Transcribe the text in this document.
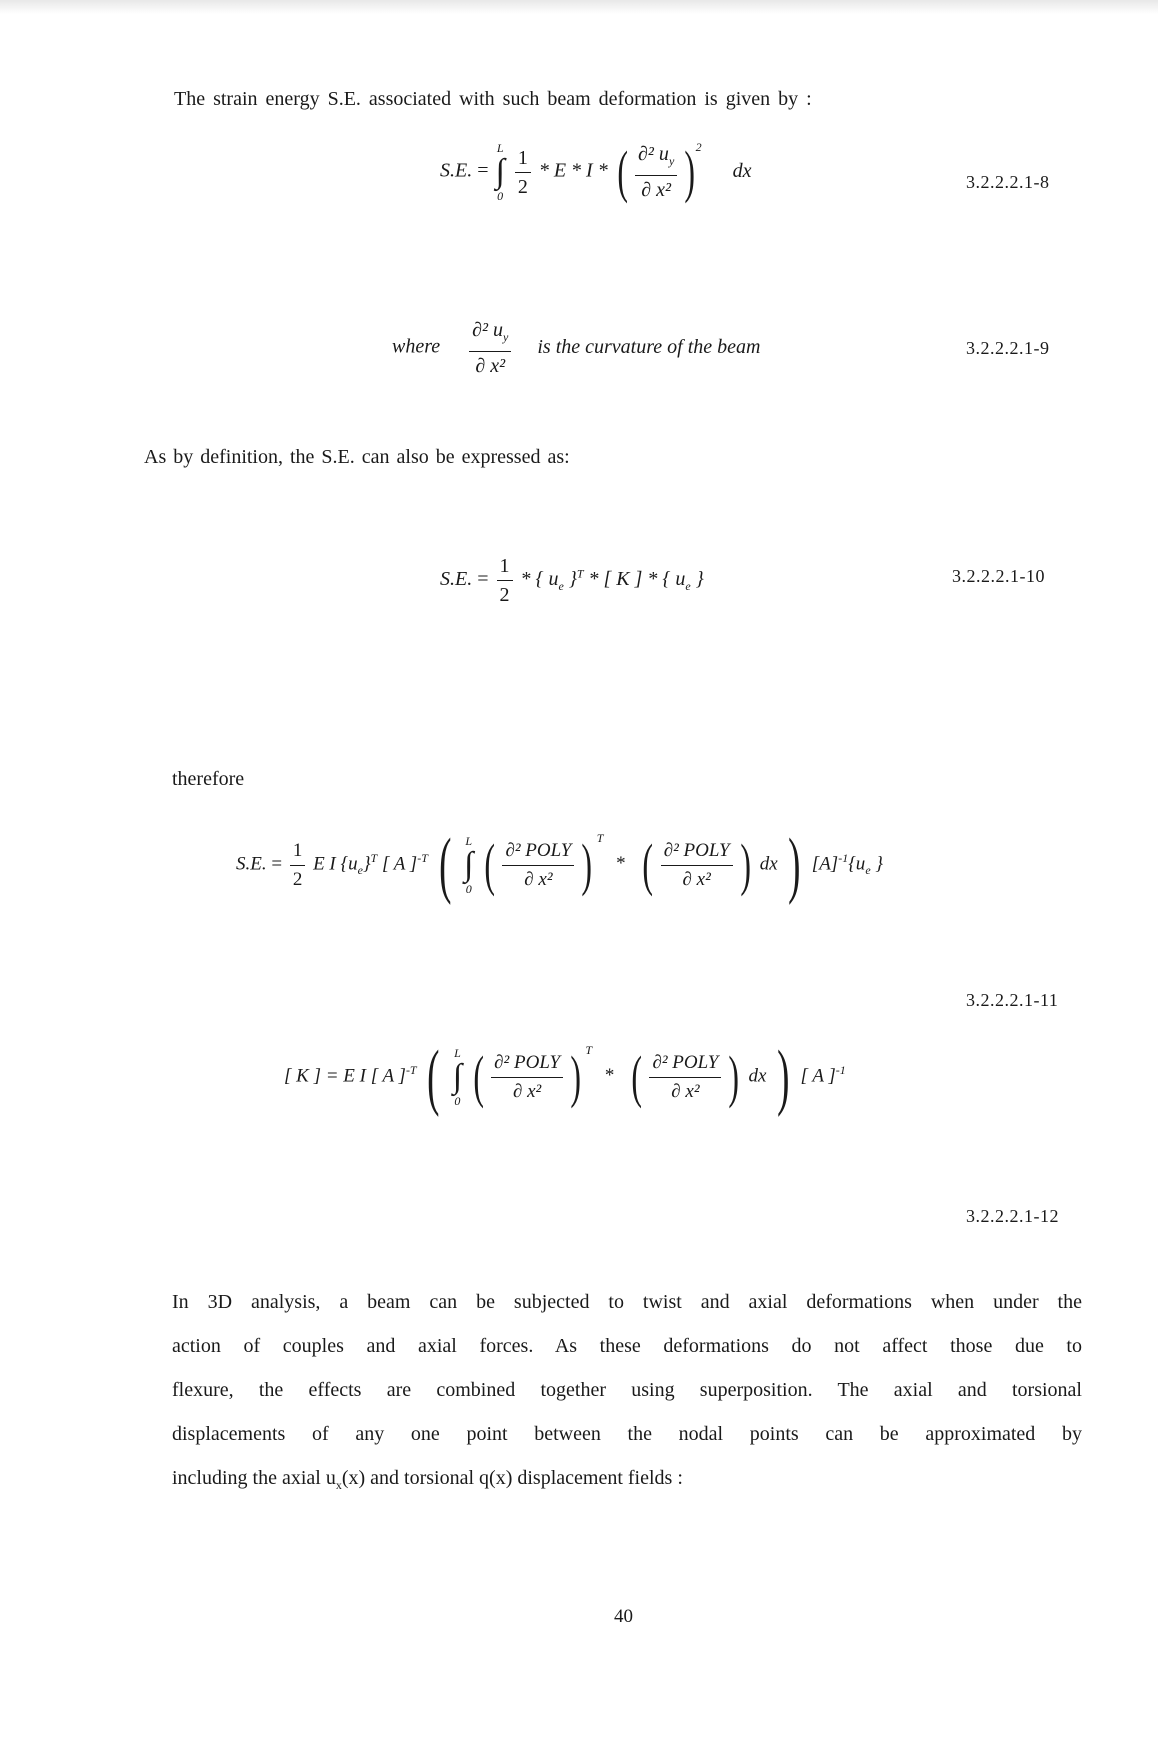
The strain energy S.E. associated with such beam deformation is given by :
S.E. =
L
∫
0
$\frac{1}{2}$ * E * I * ( $\frac{\partial^2 u_y}{\text{∂ x²}} )^2$ dx
3.2.2.2.1-8
where $\frac{\partial^2 u_y}{\text{∂ x²}}$ is the curvature of the beam	3.2.2.2.1-9
As by definition, the S.E. can also be expressed as:
S.E. = $\frac{1}{2}$ * { $u_e$ }$^T$ * [ K ] * { $u_e$ }	3.2.2.2.1-10
therefore
S.E. = $\frac{1}{2}$ E I $\{u_e\}^T$ [ A ]$^{-T}$ ( L
∫
0 ( $\frac{\text{∂² POLY}}{\text{∂ x²}}$ ) $^T$ * ( $\frac{\text{∂² POLY}}{\text{∂ x²}}$ ) dx ) $[A]^{-1}\{u_e$ }
3.2.2.2.1-11
[ K ] = E I [ A ]$^{-T}$ ( L
∫
0 ( $\frac{\text{∂² POLY}}{\text{∂ x²}}$ ) $^T$ * ( $\frac{\text{∂² POLY}}{\text{∂ x²}}$ ) dx ) [ A ]$^{-1}$
3.2.2.2.1-12
In 3D analysis, a beam can be subjected to twist and axial deformations when under the
action of couples and axial forces. As these deformations do not affect those due to
flexure, the effects are combined together using superposition. The axial and torsional
displacements of any one point between the nodal points can be approximated by
including the axial $u_x(x)$ and torsional q(x) displacement fields :
40
